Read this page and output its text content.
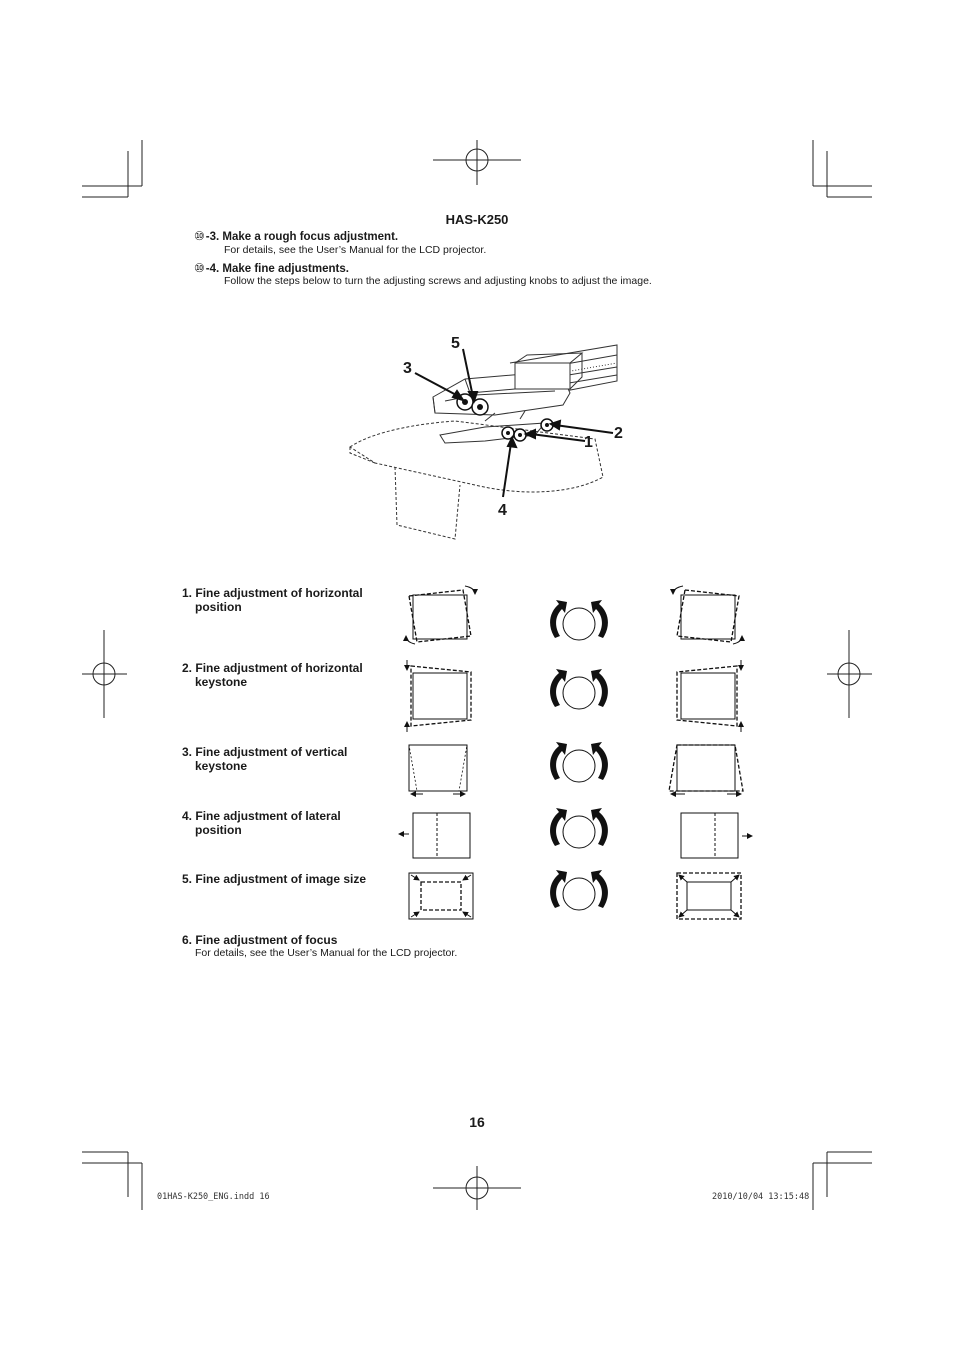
HAS-K250
⑩-3. Make a rough focus adjustment.
For details, see the User’s Manual for the LCD projector.
⑩-4. Make fine adjustments.
Follow the steps below to turn the adjusting screws and adjusting knobs to adjust the image.
1
2
3
4
5
1. Fine adjustment of horizontal
position
2. Fine adjustment of horizontal
keystone
3. Fine adjustment of vertical
keystone
4. Fine adjustment of lateral
position
5. Fine adjustment of image size
6. Fine adjustment of focus
For details, see the User’s Manual for the LCD projector.
16
01HAS-K250_ENG.indd 16	2010/10/04 13:15:48
